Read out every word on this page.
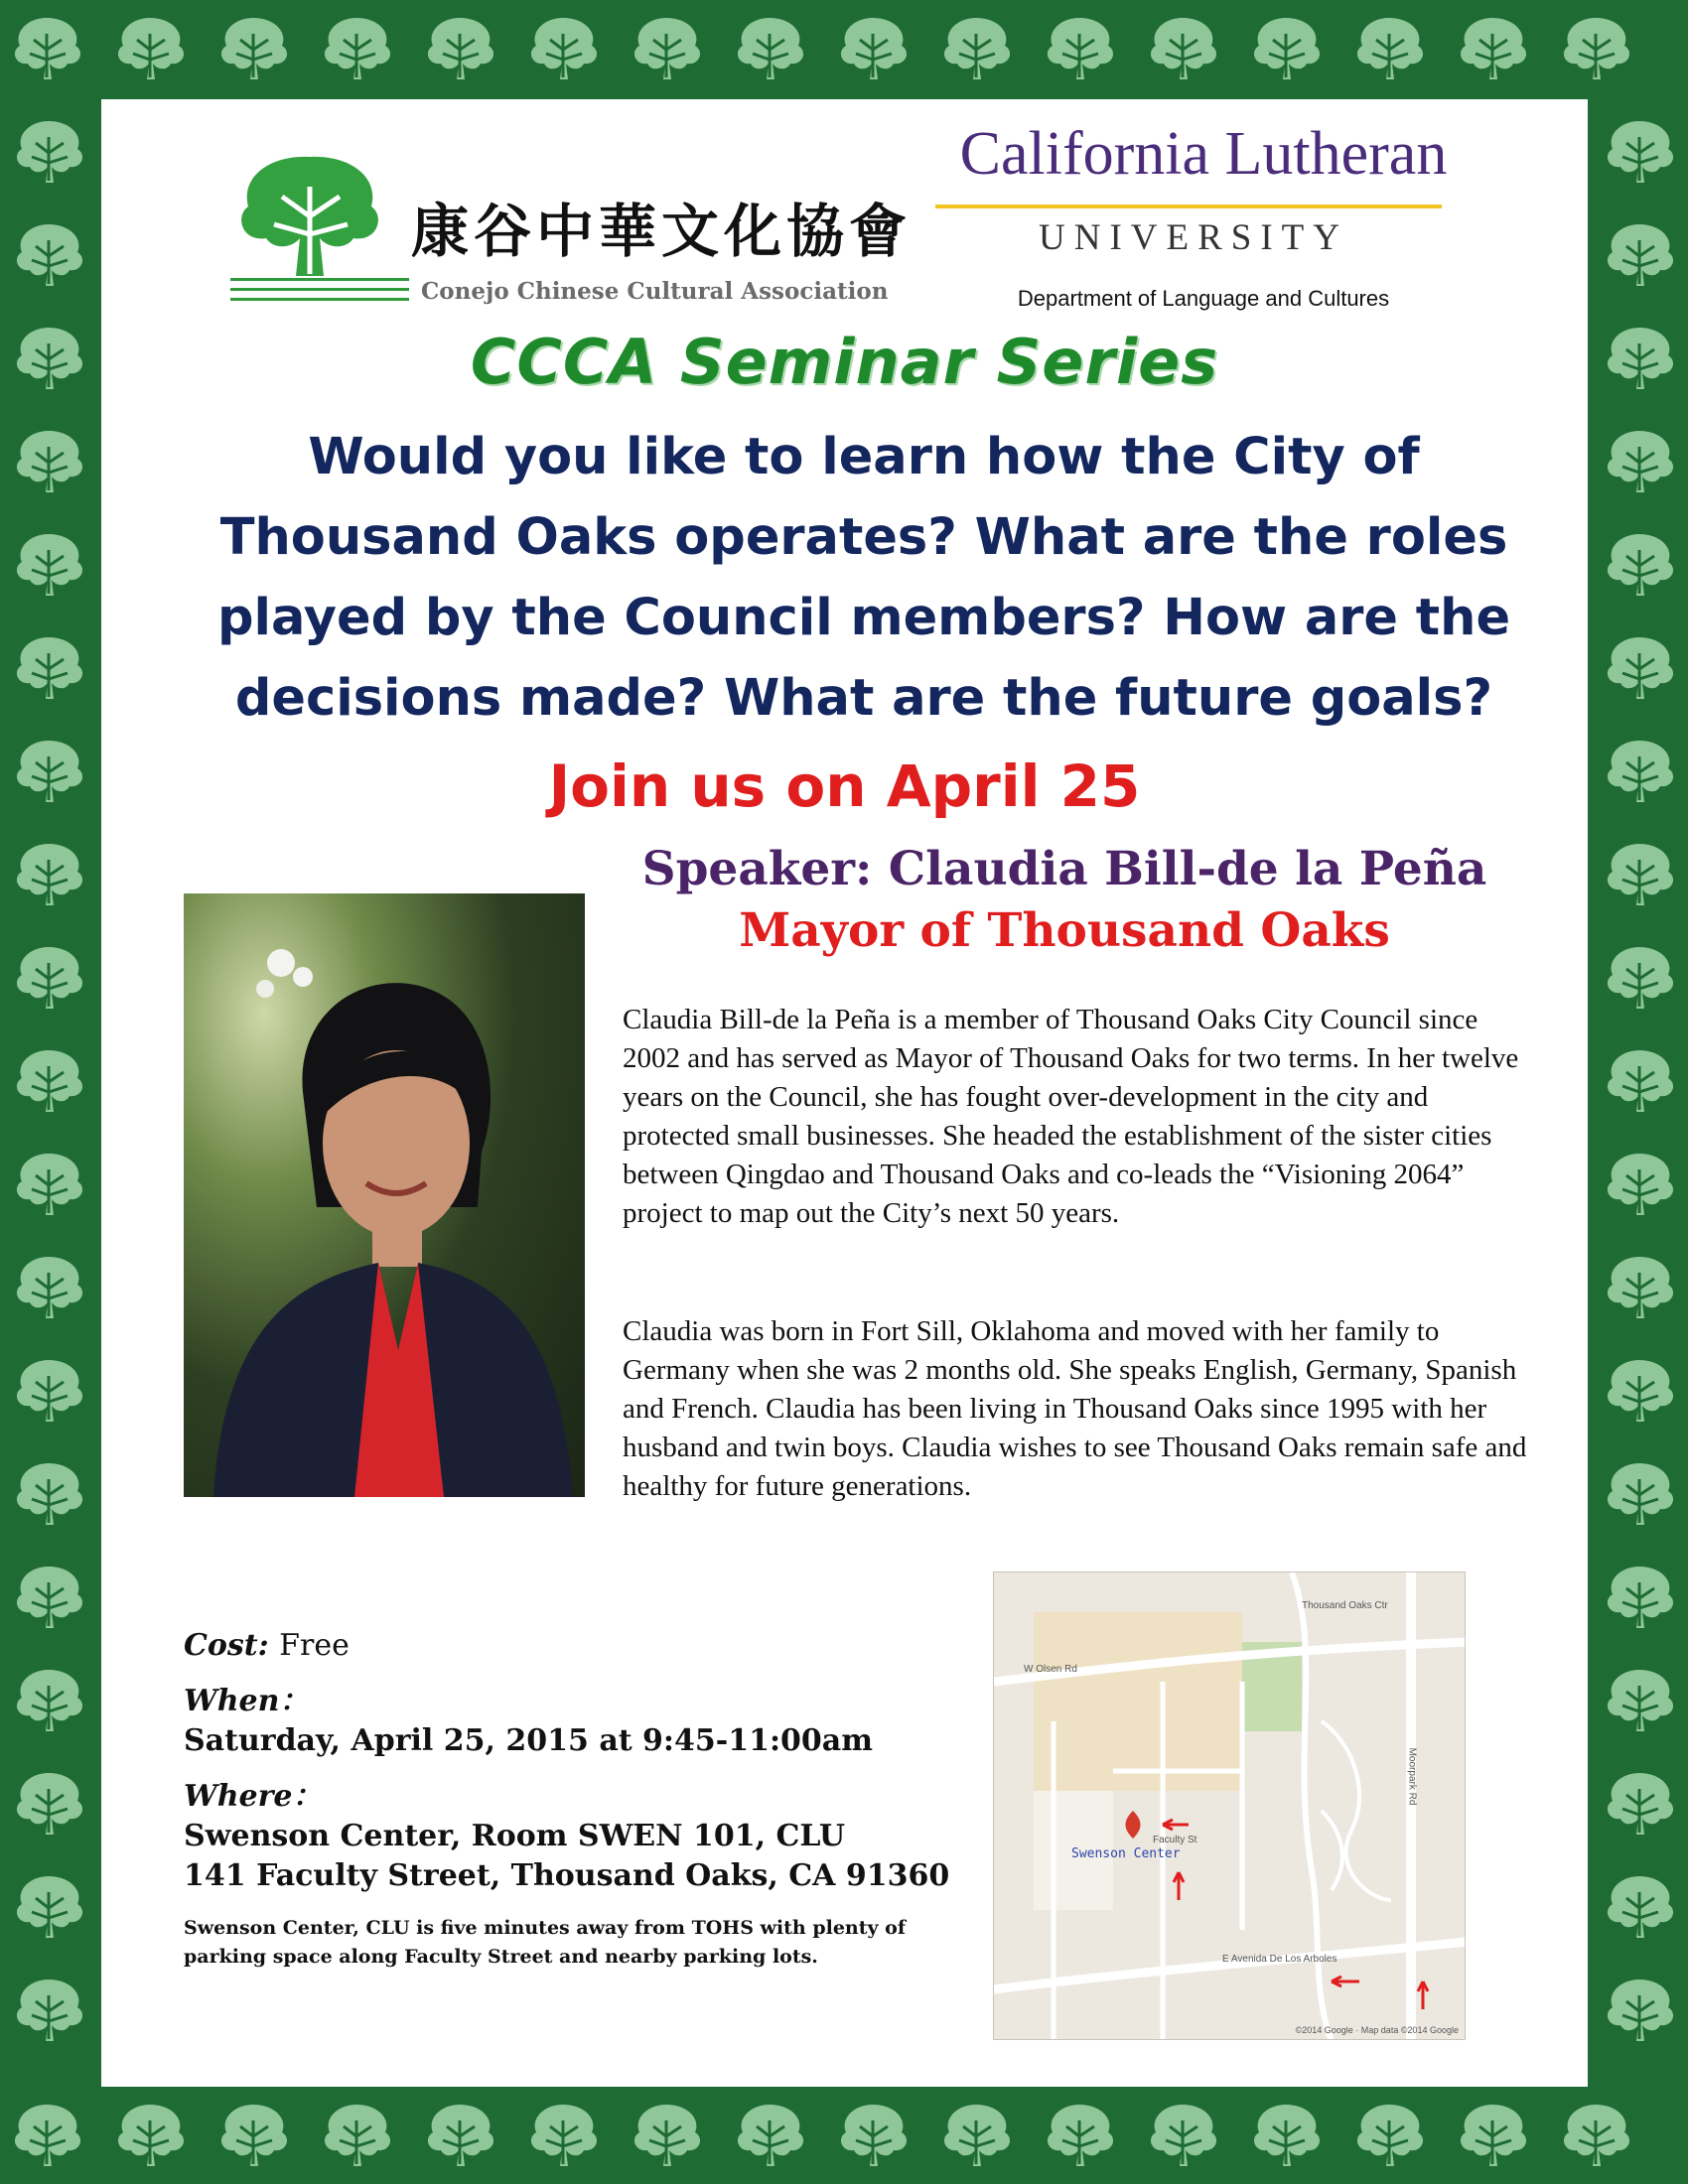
康谷中華文化協會
Conejo Chinese Cultural Association
California Lutheran
UNIVERSITY
Department of Language and Cultures
CCCA Seminar Series
Would you like to learn how the City of Thousand Oaks operates? What are the roles played by the Council members? How are the decisions made? What are the future goals?
Join us on April 25
Speaker: Claudia Bill-de la Peña
Mayor of Thousand Oaks
Claudia Bill-de la Peña is a member of Thousand Oaks City Council since 2002 and has served as Mayor of Thousand Oaks for two terms. In her twelve years on the Council, she has fought over-development in the city and protected small businesses. She headed the establishment of the sister cities between Qingdao and Thousand Oaks and co-leads the “Visioning 2064” project to map out the City’s next 50 years.
Claudia was born in Fort Sill, Oklahoma and moved with her family to Germany when she was 2 months old. She speaks English, Germany, Spanish and French. Claudia has been living in Thousand Oaks since 1995 with her husband and twin boys. Claudia wishes to see Thousand Oaks remain safe and healthy for future generations.
Cost: Free
When：
Saturday, April 25, 2015 at 9:45-11:00am
Where：
Swenson Center, Room SWEN 101, CLU
141 Faculty Street, Thousand Oaks, CA 91360
Swenson Center, CLU is five minutes away from TOHS with plenty of parking space along Faculty Street and nearby parking lots.
Swenson Center
W Olsen Rd
Faculty St
E Avenida De Los Arboles
Moorpark Rd
Thousand Oaks Ctr
©2014 Google · Map data ©2014 Google
